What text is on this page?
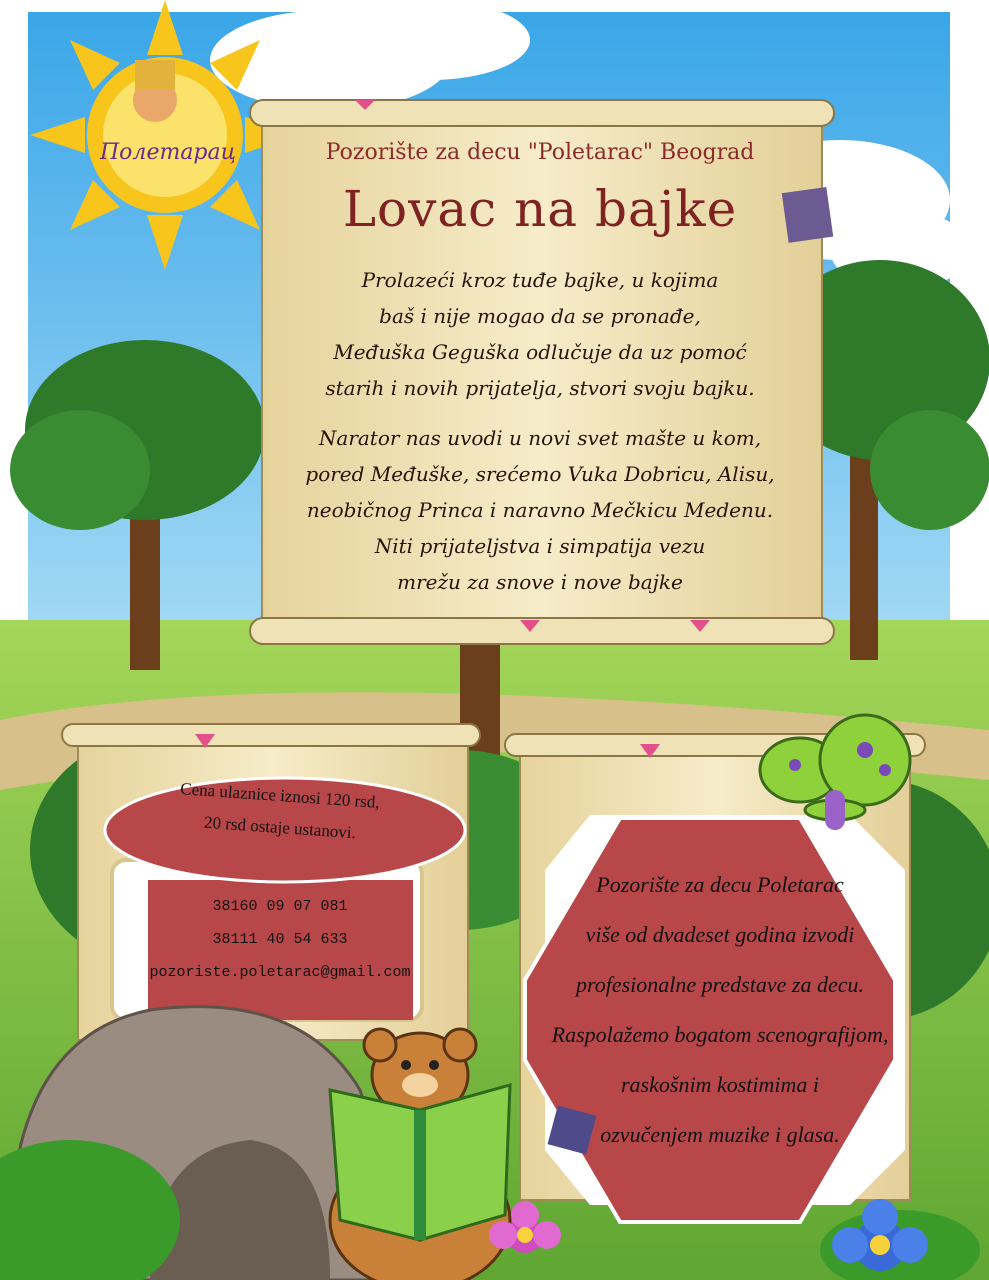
Полетарац	Pozorište za decu "Poletarac" Beograd
Lovac na bajke
Prolazeći kroz tuđe bajke, u kojima
baš i nije mogao da se pronađe,
Međuška Geguška odlučuje da uz pomoć
starih i novih prijatelja, stvori svoju bajku.
Narator nas uvodi u novi svet mašte u kom,
pored Međuške, srećemo Vuka Dobricu, Alisu,
neobičnog Princa i naravno Mečkicu Medenu.
Niti prijateljstva i simpatija vezu
mrežu za snove i nove bajke
Cena ulaznice iznosi 120 rsd,
20 rsd ostaje ustanovi.
38160 09 07 081
38111 40 54 633
pozoriste.poletarac@gmail.com
Pozorište za decu Poletarac
više od dvadeset godina izvodi
profesionalne predstave za decu.
Raspolažemo bogatom scenografijom,
raskošnim kostimima i
ozvučenjem muzike i glasa.
